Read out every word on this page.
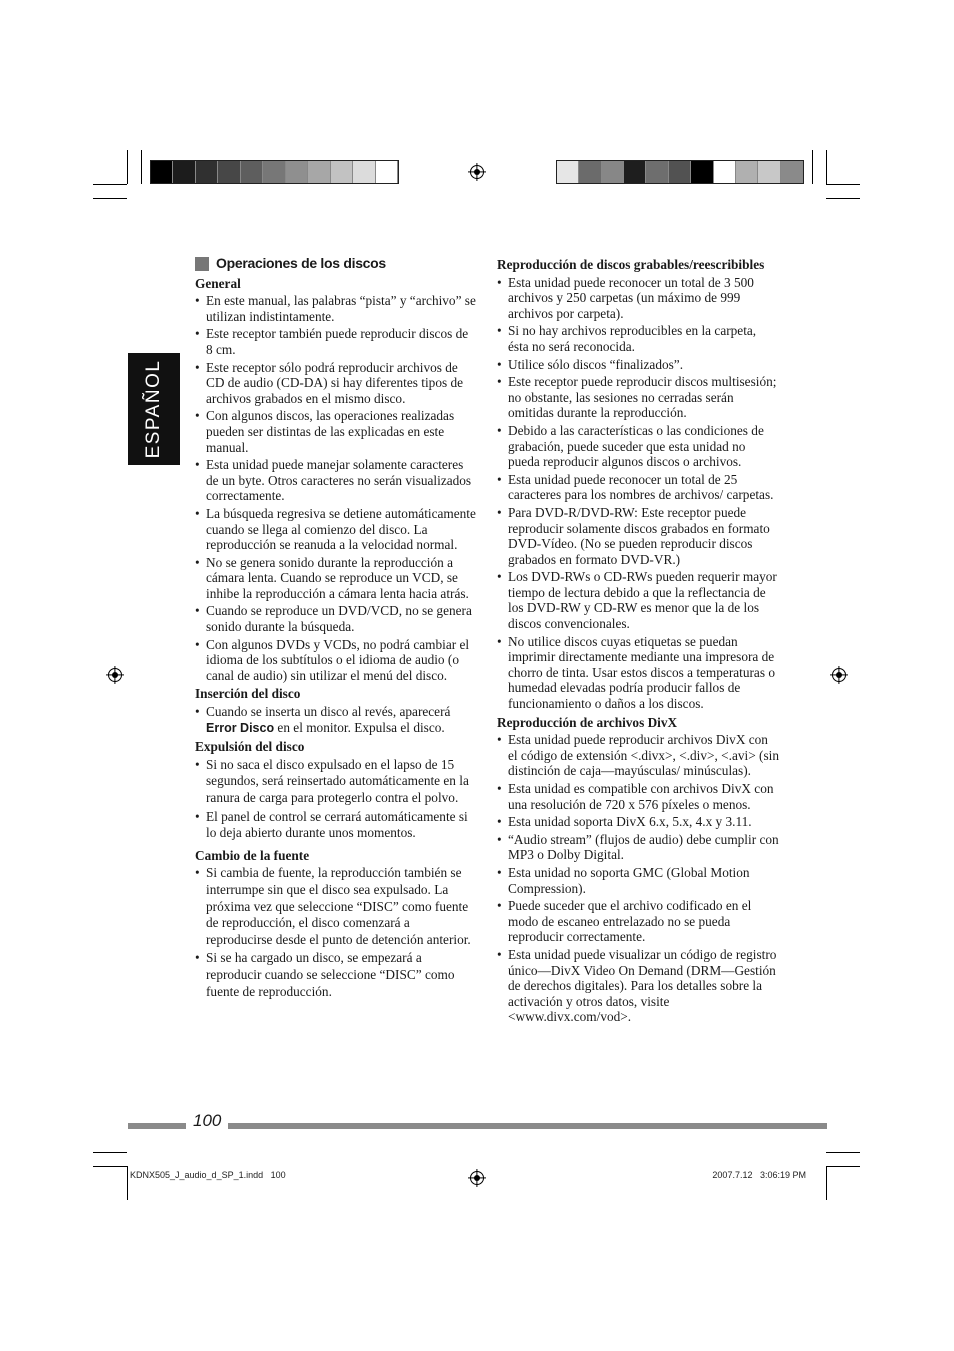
ESPAÑOL
Operaciones de los discos
General
• En este manual, las palabras “pista” y “archivo” se utilizan indistintamente.
• Este receptor también puede reproducir discos de 8 cm.
• Este receptor sólo podrá reproducir archivos de CD de audio (CD-DA) si hay diferentes tipos de archivos grabados en el mismo disco.
• Con algunos discos, las operaciones realizadas pueden ser distintas de las explicadas en este manual.
• Esta unidad puede manejar solamente caracteres de un byte. Otros caracteres no serán visualizados correctamente.
• La búsqueda regresiva se detiene automáticamente cuando se llega al comienzo del disco. La reproducción se reanuda a la velocidad normal.
• No se genera sonido durante la reproducción a cámara lenta. Cuando se reproduce un VCD, se inhibe la reproducción a cámara lenta hacia atrás.
• Cuando se reproduce un DVD/VCD, no se genera sonido durante la búsqueda.
• Con algunos DVDs y VCDs, no podrá cambiar el idioma de los subtítulos o el idioma de audio (o canal de audio) sin utilizar el menú del disco.
Inserción del disco
• Cuando se inserta un disco al revés, aparecerá
Error Disco en el monitor. Expulsa el disco.
Expulsión del disco
• Si no saca el disco expulsado en el lapso de 15 segundos, será reinsertado automáticamente en la ranura de carga para protegerlo contra el polvo.
• El panel de control se cerrará automáticamente si lo deja abierto durante unos momentos.
Cambio de la fuente
• Si cambia de fuente, la reproducción también se interrumpe sin que el disco sea expulsado. La próxima vez que seleccione “DISC” como fuente de reproducción, el disco comenzará a reproducirse desde el punto de detención anterior.
• Si se ha cargado un disco, se empezará a reproducir cuando se seleccione “DISC” como fuente de reproducción.
Reproducción de discos grabables/reescribibles
• Esta unidad puede reconocer un total de 3 500 archivos y 250 carpetas (un máximo de 999 archivos por carpeta).
• Si no hay archivos reproducibles en la carpeta, ésta no será reconocida.
• Utilice sólo discos “finalizados”.
• Este receptor puede reproducir discos multisesión; no obstante, las sesiones no cerradas serán omitidas durante la reproducción.
• Debido a las características o las condiciones de grabación, puede suceder que esta unidad no pueda reproducir algunos discos o archivos.
• Esta unidad puede reconocer un total de 25 caracteres para los nombres de archivos/ carpetas.
• Para DVD-R/DVD-RW: Este receptor puede reproducir solamente discos grabados en formato DVD-Vídeo. (No se pueden reproducir discos grabados en formato DVD-VR.)
• Los DVD-RWs o CD-RWs pueden requerir mayor tiempo de lectura debido a que la reflectancia de los DVD-RW y CD-RW es menor que la de los discos convencionales.
• No utilice discos cuyas etiquetas se puedan imprimir directamente mediante una impresora de chorro de tinta. Usar estos discos a temperaturas o humedad elevadas podría producir fallos de funcionamiento o daños a los discos.
Reproducción de archivos DivX
• Esta unidad puede reproducir archivos DivX con el código de extensión <.divx>, <.div>, <.avi> (sin distinción de caja—mayúsculas/ minúsculas).
• Esta unidad es compatible con archivos DivX con una resolución de 720 x 576 píxeles o menos.
• Esta unidad soporta DivX 6.x, 5.x, 4.x y 3.11.
• “Audio stream” (flujos de audio) debe cumplir con MP3 o Dolby Digital.
• Esta unidad no soporta GMC (Global Motion Compression).
• Puede suceder que el archivo codificado en el modo de escaneo entrelazado no se pueda reproducir correctamente.
• Esta unidad puede visualizar un código de registro único—DivX Video On Demand (DRM—Gestión de derechos digitales). Para los detalles sobre la activación y otros datos, visite <www.divx.com/vod>.
100
KDNX505_J_audio_d_SP_1.indd   100	2007.7.12   3:06:19 PM
